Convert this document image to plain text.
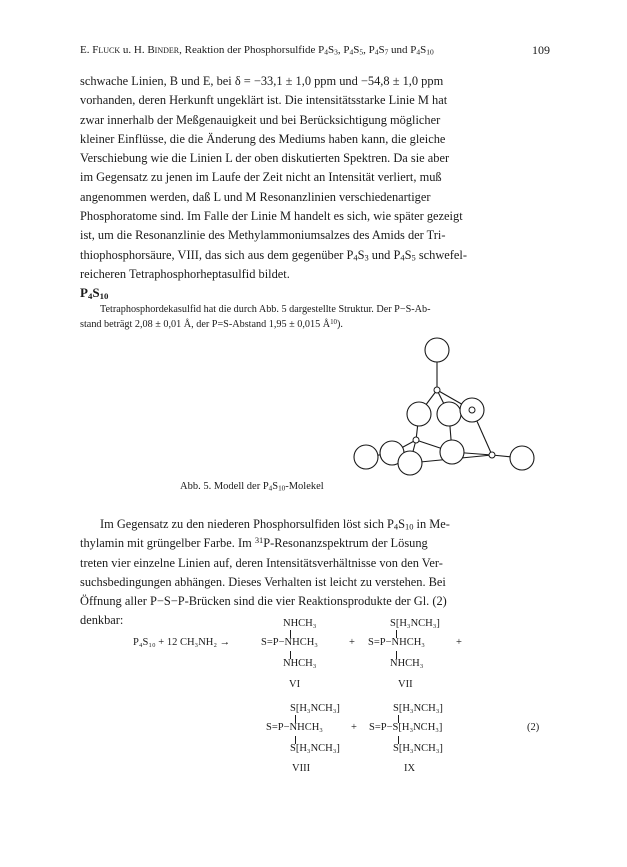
E. Fluck u. H. Binder, Reaktion der Phosphorsulfide $P_4S_3$, $P_4S_5$, $P_4S_7$ und $P_4S_{10}$	109

schwache Linien, B und E, bei δ = −33,1 ± 1,0 ppm und −54,8 ± 1,0 ppm

vorhanden, deren Herkunft ungeklärt ist. Die intensitätsstarke Linie M hat

zwar innerhalb der Meßgenauigkeit und bei Berücksichtigung möglicher

kleiner Einflüsse, die die Änderung des Mediums haben kann, die gleiche

Verschiebung wie die Linien L der oben diskutierten Spektren. Da sie aber

im Gegensatz zu jenen im Laufe der Zeit nicht an Intensität verliert, muß

angenommen werden, daß L und M Resonanzlinien verschiedenartiger

Phosphoratome sind. Im Falle der Linie M handelt es sich, wie später gezeigt

ist, um die Resonanzlinie des Methylammoniumsalzes des Amids der Tri-

thiophosphorsäure, VIII, das sich aus dem gegenüber $P_4S_3$ und $P_4S_5$ schwefel-

reicheren Tetraphosphorheptasulfid bildet.

$P_4S_{10}$
Tetraphosphordekasulfid hat die durch Abb. 5 dargestellte Struktur. Der P−S-Ab-
stand beträgt 2,08 ± 0,01 Å, der P=S-Abstand 1,95 ± 0,015 $Å^{10}$).
Abb. 5. Modell der $P_4S_{10}$-Molekel

Im Gegensatz zu den niederen Phosphorsulfiden löst sich $P_4S_{10}$ in Me-

thylamin mit grüngelber Farbe. Im $^{31}$P-Resonanzspektrum der Lösung

treten vier einzelne Linien auf, deren Intensitätsverhältnisse von den Ver-

suchsbedingungen abhängen. Dieses Verhalten ist leicht zu verstehen. Bei

Öffnung aller P−S−P-Brücken sind die vier Reaktionsprodukte der Gl. (2)

denkbar:

P₄S₁₀ + 12 CH₃NH₂ →
NHCH₃
S=P−NHCH₃
NHCH₃
VI
+
S[H₃NCH₃]
S=P−NHCH₃
NHCH₃
VII
+
S[H₃NCH₃]
S=P−NHCH₃
S[H₃NCH₃]
VIII
+
S[H₃NCH₃]
S=P−S[H₃NCH₃]
S[H₃NCH₃]
IX
(2)
